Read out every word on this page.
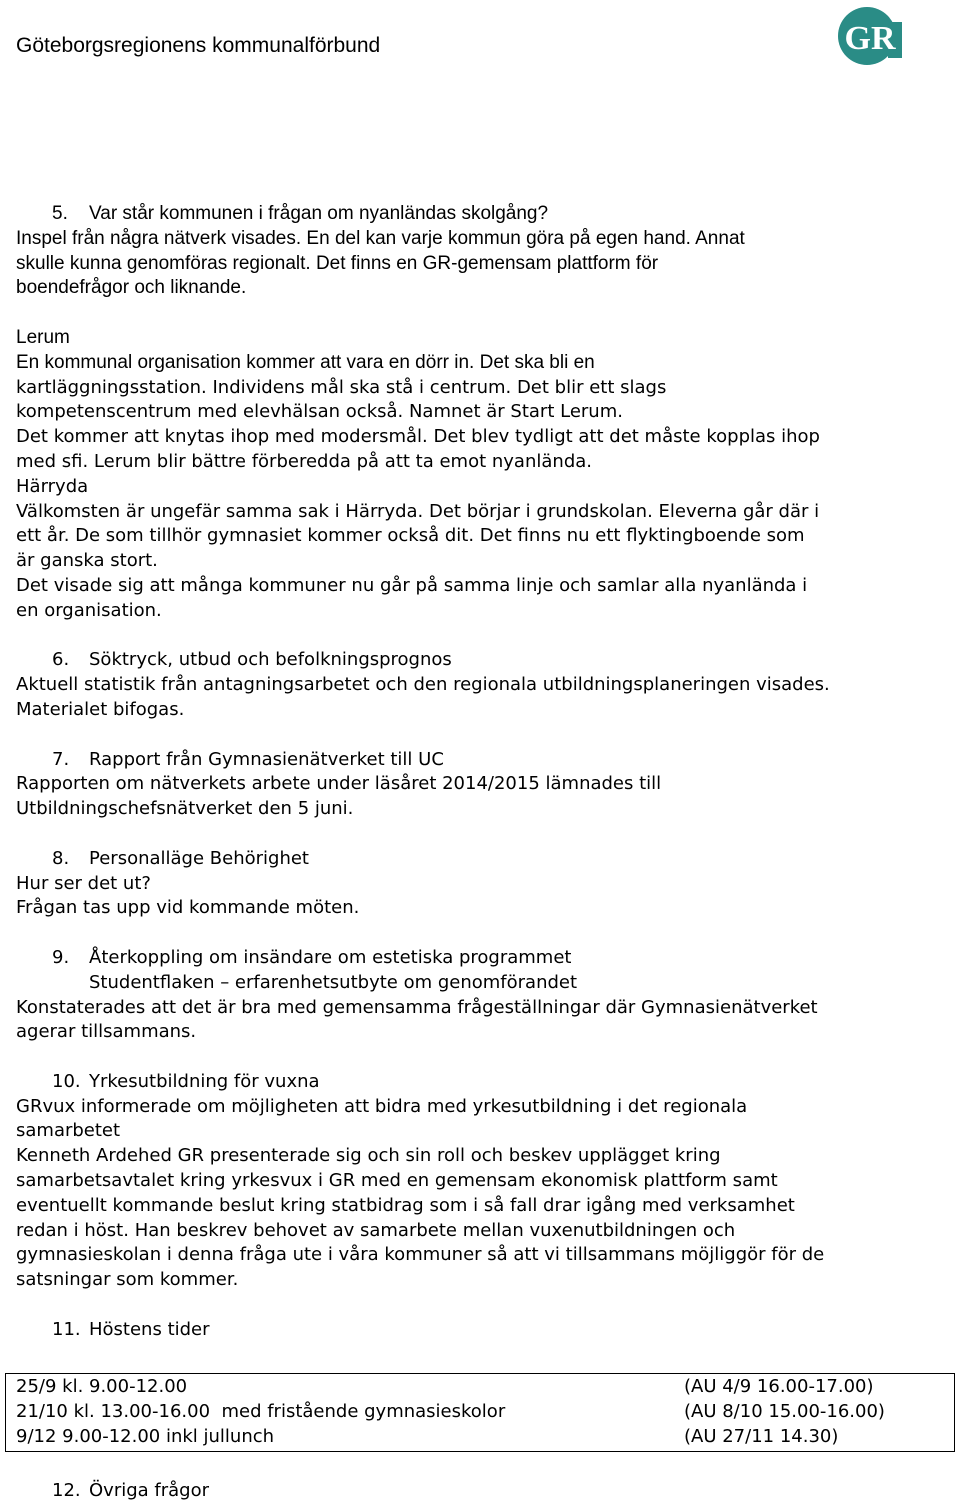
Göteborgsregionens kommunalförbund	GR
5. Var står kommunen i frågan om nyanländas skolgång?
Inspel från några nätverk visades. En del kan varje kommun göra på egen hand. Annat
skulle kunna genomföras regionalt. Det finns en GR-gemensam plattform för
boendefrågor och liknande.
Lerum
En kommunal organisation kommer att vara en dörr in. Det ska bli en
kartläggningsstation. Individens mål ska stå i centrum. Det blir ett slags
kompetenscentrum med elevhälsan också. Namnet är Start Lerum.
Det kommer att knytas ihop med modersmål. Det blev tydligt att det måste kopplas ihop
med sfi. Lerum blir bättre förberedda på att ta emot nyanlända.
Härryda
Välkomsten är ungefär samma sak i Härryda. Det börjar i grundskolan. Eleverna går där i
ett år. De som tillhör gymnasiet kommer också dit. Det finns nu ett flyktingboende som
är ganska stort.
Det visade sig att många kommuner nu går på samma linje och samlar alla nyanlända i
en organisation.
6. Söktryck, utbud och befolkningsprognos
Aktuell statistik från antagningsarbetet och den regionala utbildningsplaneringen visades.
Materialet bifogas.
7. Rapport från Gymnasienätverket till UC
Rapporten om nätverkets arbete under läsåret 2014/2015 lämnades till
Utbildningschefsnätverket den 5 juni.
8. Personalläge Behörighet
Hur ser det ut?
Frågan tas upp vid kommande möten.
9. Återkoppling om insändare om estetiska programmet
Studentflaken – erfarenhetsutbyte om genomförandet
Konstaterades att det är bra med gemensamma frågeställningar där Gymnasienätverket
agerar tillsammans.
10. Yrkesutbildning för vuxna
GRvux informerade om möjligheten att bidra med yrkesutbildning i det regionala
samarbetet
Kenneth Ardehed GR presenterade sig och sin roll och beskev upplägget kring
samarbetsavtalet kring yrkesvux i GR med en gemensam ekonomisk plattform samt
eventuellt kommande beslut kring statbidrag som i så fall drar igång med verksamhet
redan i höst. Han beskrev behovet av samarbete mellan vuxenutbildningen och
gymnasieskolan i denna fråga ute i våra kommuner så att vi tillsammans möjliggör för de
satsningar som kommer.
11. Höstens tider
25/9 kl. 9.00-12.00	(AU 4/9 16.00-17.00)
21/10 kl. 13.00-16.00  med fristående gymnasieskolor	(AU 8/10 15.00-16.00)
9/12 9.00-12.00 inkl jullunch	(AU 27/11 14.30)
12. Övriga frågor
